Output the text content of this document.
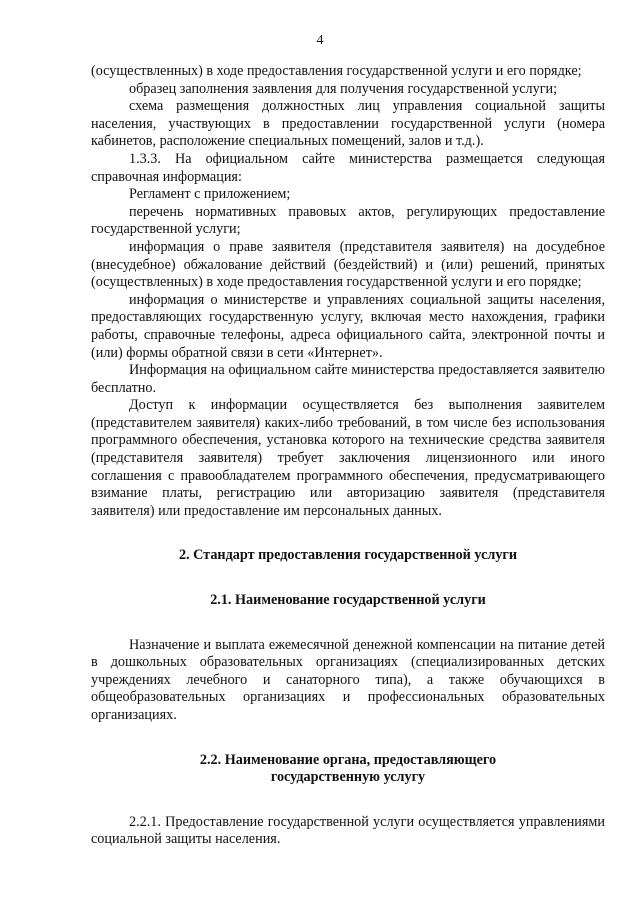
4

(осуществленных) в ходе предоставления государственной услуги и его порядке;

образец заполнения заявления для получения государственной услуги;

схема размещения должностных лиц управления социальной защиты населения, участвующих в предоставлении государственной услуги (номера кабинетов, расположение специальных помещений, залов и т.д.).

1.3.3. На официальном сайте министерства размещается следующая справочная информация:

Регламент с приложением;

перечень нормативных правовых актов, регулирующих предоставление государственной услуги;

информация о праве заявителя (представителя заявителя) на досудебное (внесудебное) обжалование действий (бездействий) и (или) решений, принятых (осуществленных) в ходе предоставления государственной услуги и его порядке;

информация о министерстве и управлениях социальной защиты населения, предоставляющих государственную услугу, включая место нахождения, графики работы, справочные телефоны, адреса официального сайта, электронной почты и (или) формы обратной связи в сети «Интернет».

Информация на официальном сайте министерства предоставляется заявителю бесплатно.

Доступ к информации осуществляется без выполнения заявителем (представителем заявителя) каких-либо требований, в том числе без использования программного обеспечения, установка которого на технические средства заявителя (представителя заявителя) требует заключения лицензионного или иного соглашения с правообладателем программного обеспечения, предусматривающего взимание платы, регистрацию или авторизацию заявителя (представителя заявителя) или предоставление им персональных данных.

2. Стандарт предоставления государственной услуги

2.1. Наименование государственной услуги

Назначение и выплата ежемесячной денежной компенсации на питание детей в дошкольных образовательных организациях (специализированных детских учреждениях лечебного и санаторного типа), а также обучающихся в общеобразовательных организациях и профессиональных образовательных организациях.

2.2. Наименование органа, предоставляющего
государственную услугу

2.2.1. Предоставление государственной услуги осуществляется управлениями социальной защиты населения.
